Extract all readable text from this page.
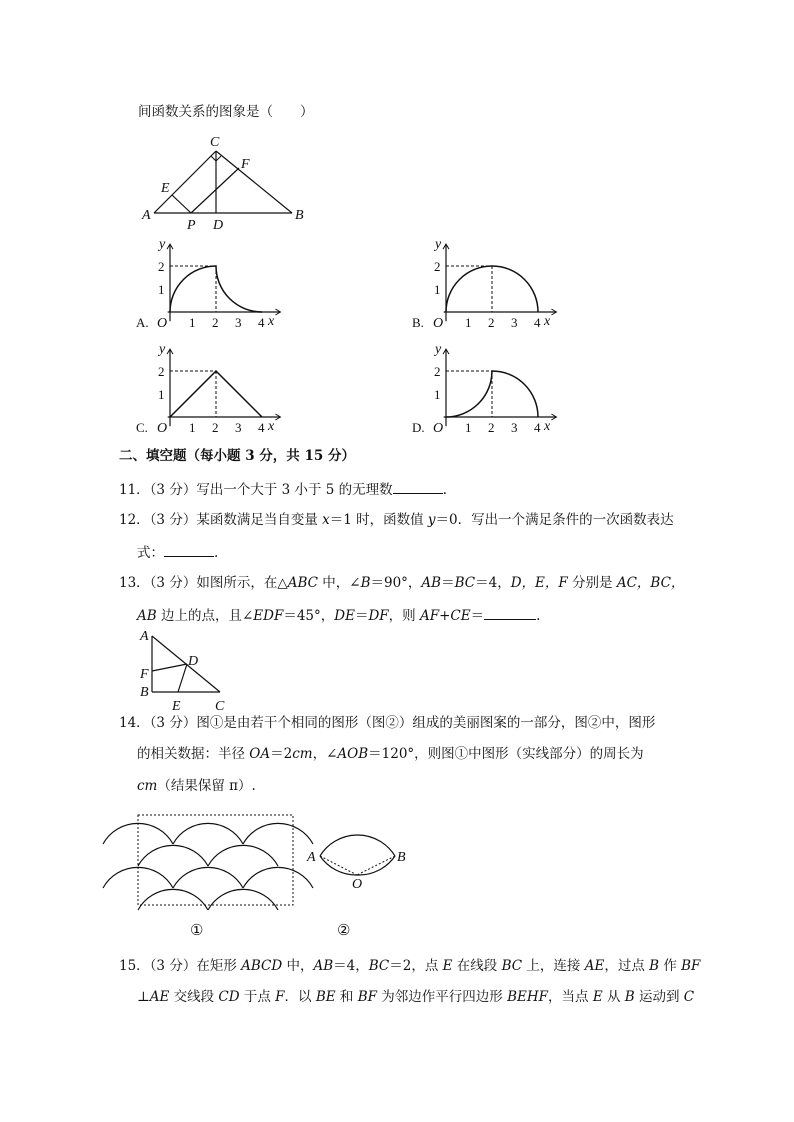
间函数关系的图象是（　　）
A	B
C
D
E
F
P
A. O	x
y
1 2 3 4
1
2
B. O	x
y
1 2 3 4
1
2
C. O	x
y
1 2 3 4
1
2
D. O	x
y
1 2 3 4
1
2
二、填空题（每小题 3 分，共 15 分）
11．（3 分）写出一个大于 3 小于 5 的无理数	.
12．（3 分）某函数满足当自变量 x＝1 时，函数值 y＝0．写出一个满足条件的一次函数表达
式：	.
13．（3 分）如图所示，在△ABC 中，∠B＝90°，AB＝BC＝4，D，E，F 分别是 AC，BC，
AB 边上的点，且∠EDF＝45°，DE＝DF，则 AF+CE＝	.
A
D
F
B
E C
14．（3 分）图①是由若干个相同的图形（图②）组成的美丽图案的一部分，图②中，图形
的相关数据：半径 OA＝2cm，∠AOB＝120°，则图①中图形（实线部分）的周长为
cm（结果保留 π）.
①
A	B
O
②
15．（3 分）在矩形 ABCD 中，AB＝4，BC＝2，点 E 在线段 BC 上，连接 AE，过点 B 作 BF
⊥AE 交线段 CD 于点 F．以 BE 和 BF 为邻边作平行四边形 BEHF，当点 E 从 B 运动到 C
